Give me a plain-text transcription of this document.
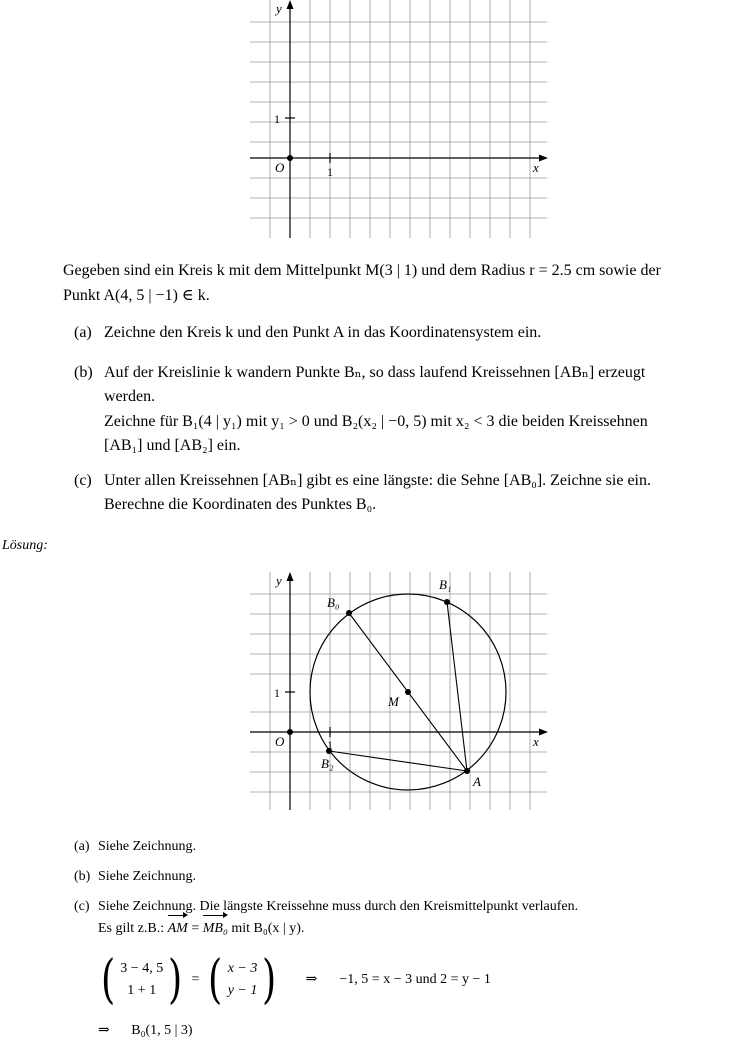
y
x
O
1
1
Gegeben sind ein Kreis k mit dem Mittelpunkt M(3 | 1) und dem Radius r = 2.5 cm sowie der
Punkt A(4, 5 | −1) ∈ k.
(a) Zeichne den Kreis k und den Punkt A in das Koordinatensystem ein.
(b) Auf der Kreislinie k wandern Punkte Bₙ, so dass laufend Kreissehnen [ABₙ] erzeugt
werden.
Zeichne für B₁(4 | y₁) mit y₁ > 0 und B₂(x₂ | −0, 5) mit x₂ < 3 die beiden Kreissehnen
[AB₁] und [AB₂] ein.
(c) Unter allen Kreissehnen [ABₙ] gibt es eine längste: die Sehne [AB₀]. Zeichne sie ein.
Berechne die Koordinaten des Punktes B₀.
Lösung:
y
x
O
1
1
A
M
B₀
B₁
B₂
(a) Siehe Zeichnung.
(b) Siehe Zeichnung.
(c) Siehe Zeichnung. Die längste Kreissehne muss durch den Kreismittelpunkt verlaufen.
Es gilt z.B.: AM = MB₀ mit B₀(x | y).
( 3 − 4, 5
1 + 1 ) = ( x − 3
y − 1 ) ⇒ −1, 5 = x − 3 und 2 = y − 1
⇒ B₀(1, 5 | 3)
